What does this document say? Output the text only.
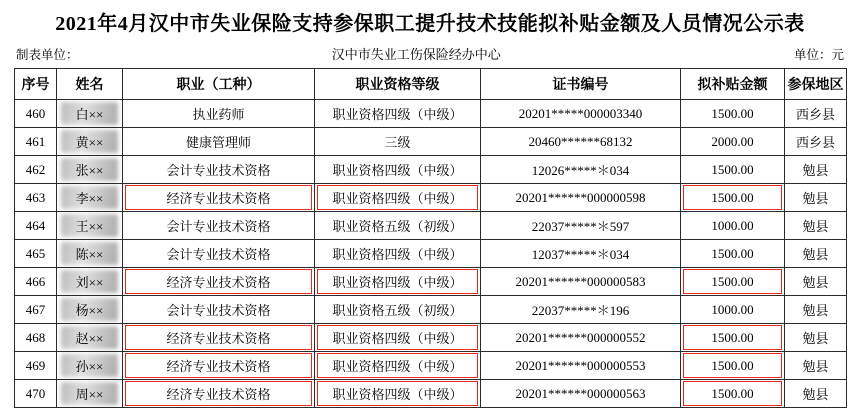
2021年4月汉中市失业保险支持参保职工提升技术技能拟补贴金额及人员情况公示表
制表单位：	汉中市失业工伤保险经办中心	单位：元
序号	姓名	职业（工种）	职业资格等级	证书编号	拟补贴金额	参保地区
460	白××	执业药师	职业资格四级（中级）	20201*****000003340	1500.00	西乡县
461	黄××	健康管理师	三级	20460******68132	2000.00	西乡县
462	张××	会计专业技术资格	职业资格四级（中级）	12026*****＊034	1500.00	勉县
463	李××	经济专业技术资格	职业资格四级（中级）	20201******000000598	1500.00	勉县
464	王××	会计专业技术资格	职业资格五级（初级）	22037*****＊597	1000.00	勉县
465	陈××	会计专业技术资格	职业资格四级（中级）	12037*****＊034	1500.00	勉县
466	刘××	经济专业技术资格	职业资格四级（中级）	20201******000000583	1500.00	勉县
467	杨××	会计专业技术资格	职业资格五级（初级）	22037*****＊196	1000.00	勉县
468	赵××	经济专业技术资格	职业资格四级（中级）	20201******000000552	1500.00	勉县
469	孙××	经济专业技术资格	职业资格四级（中级）	20201******000000553	1500.00	勉县
470	周××	经济专业技术资格	职业资格四级（中级）	20201******000000563	1500.00	勉县
